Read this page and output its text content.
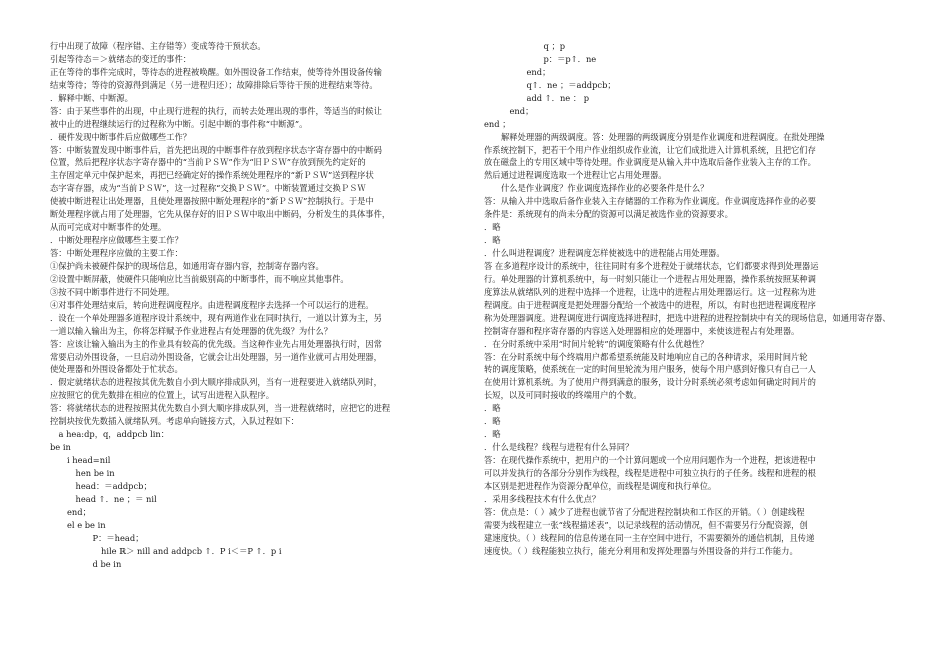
行中出现了故障（程序错、主存错等）变成等待干预状态。
引起等待态＝＞就绪态的变迁的事件：
正在等待的事件完成时，等待态的进程被唤醒。如外围设备工作结束，使等待外围设备传输
结束等待；等待的资源得到满足（另一进程归还）；故障排除后等待干预的进程结束等待。
．解释中断、中断源。
答：由于某些事件的出现，中止现行进程的执行，而转去处理出现的事件，等适当的时候让
被中止的进程继续运行的过程称为中断。引起中断的事件称“中断源”。
．硬件发现中断事件后应做哪些工作？
答：中断装置发现中断事件后，首先把出现的中断事件存放到程序状态字寄存器中的中断码
位置，然后把程序状态字寄存器中的“当前ＰＳＷ”作为“旧ＰＳＷ”存放到预先约定好的
主存固定单元中保护起来，再把已经确定好的操作系统处理程序的“新ＰＳＷ”送到程序状
态字寄存器，成为“当前ＰＳＷ”，这一过程称“交换ＰＳＷ”。中断装置通过交换ＰＳＷ
使被中断进程让出处理器，且使处理器按照中断处理程序的“新ＰＳＷ”控制执行。于是中
断处理程序就占用了处理器，它先从保存好的旧ＰＳＷ中取出中断码，分析发生的具体事件，
从而可完成对中断事件的处理。
．中断处理程序应做哪些主要工作？
答：中断处理程序应做的主要工作：
①保护尚未被硬件保护的现场信息，如通用寄存器内容，控制寄存器内容。
②设置中断屏蔽，使硬件只能响应比当前級别高的中断事件，而不响应其他事件。
③按不同中断事件进行不同处理。
④对事件处理结束后，转向进程调度程序。由进程调度程序去选择一个可以运行的进程。
．设在一个单处理器多道程序设计系统中，现有两道作业在同时执行，一道以计算为主，另
一道以输入输出为主，你将怎样赋予作业进程占有处理器的优先级？为什么？
答：应该让输入输出为主的作业具有较高的优先级。当这种作业先占用处理器执行时，因常
常要启动外围设备，一旦启动外围设备，它就会让出处理器，另一道作业就可占用处理器，
使处理器和外围设备都处于忙状态。
．假定就绪状态的进程按其优先数自小到大顺序排成队列，当有一进程要进入就绪队列时，
应按照它的优先数排在相应的位置上，试写出进程入队程序。
答：将就绪状态的进程按照其优先数自小到大顺序排成队列，当一进程就绪时，应把它的进程
控制块按优先数插入就绪队列。考虑单向链接方式，入队过程如下：
a hea:dp，q，addpcb lin：
be in
i head=nil
hen be in
head：＝addpcb；
head ↑．ne ；＝ nil
end；
el e be in
P：＝head；
hile ℝ＞ nill and addpcb ↑．P i＜＝P ↑．p i
d be in
q ；p
p：＝p↑．ne
end；
q↑．ne ；＝addpcb；
add ↑．ne ： p
end；
end ；
解释处理器的两级调度。答：处理器的两级调度分别是作业调度和进程调度。在批处理操
作系统控制下，把若干个用户作业组织成作业流，让它们成批进入计算机系统，且把它们存
放在磁盘上的专用区域中等待处理。作业调度是从输入井中选取后备作业装入主存的工作。
然后通过进程调度选取一个进程让它占用处理器。
什么是作业调度？作业调度选择作业的必要条件是什么？
答：从输入井中选取后备作业装入主存储器的工作称为作业调度。作业调度选择作业的必要
条件是：系统现有的尚未分配的资源可以满足被选作业的资源要求。
．略
．略
．什么叫进程调度？进程调度怎样使被选中的进程能占用处理器。
答 在多道程序设计的系统中，往往同时有多个进程处于就绪状态，它们都要求得到处理器运
行。单处理器的计算机系统中，每一时刻只能让一个进程占用处理器，操作系统按照某种调
度算法从就绪队列的进程中选择一个进程，让选中的进程占用处理器运行。这一过程称为进
程调度。由于进程调度是把处理器分配给一个被选中的进程，所以，有时也把进程调度程序
称为处理器调度。进程调度进行调度选择进程时，把选中进程的进程控制块中有关的现场信息，如通用寄存器、
控制寄存器和程序寄存器的内容送入处理器相应的处理器中，来使该进程占有处理器。
．在分时系统中采用“时间片轮转”的调度策略有什么优越性？
答：在分时系统中每个终端用户都希望系统能及时地响应自己的各种请求，采用时间片轮
转的调度策略，使系统在一定的时间里轮流为用户服务，使每个用户感到好像只有自己一人
在使用计算机系统。为了使用户得到满意的服务，设计分时系统必须考虑如何确定时间片的
长短，以及可同时接收的终端用户的个数。
．略
．略
．略
．什么是线程？线程与进程有什么异同？
答：在现代操作系统中，把用户的一个计算问题或一个应用问题作为一个进程，把该进程中
可以并发执行的各部分分别作为线程，线程是进程中可独立执行的子任务。线程和进程的根
本区别是把进程作为资源分配单位，而线程是调度和执行单位。
．采用多线程技术有什么优点？
答：优点是：（ ）减少了进程也就节省了分配进程控制块和工作区的开销。（ ）创建线程
需要为线程建立一张“线程描述表”，以记录线程的活动情况，但不需要另行分配资源，创
建速度快。（ ）线程间的信息传递在同一主存空间中进行，不需要额外的通信机制，且传递
速度快。（ ）线程能独立执行，能充分利用和发挥处理器与外围设备的并行工作能力。
